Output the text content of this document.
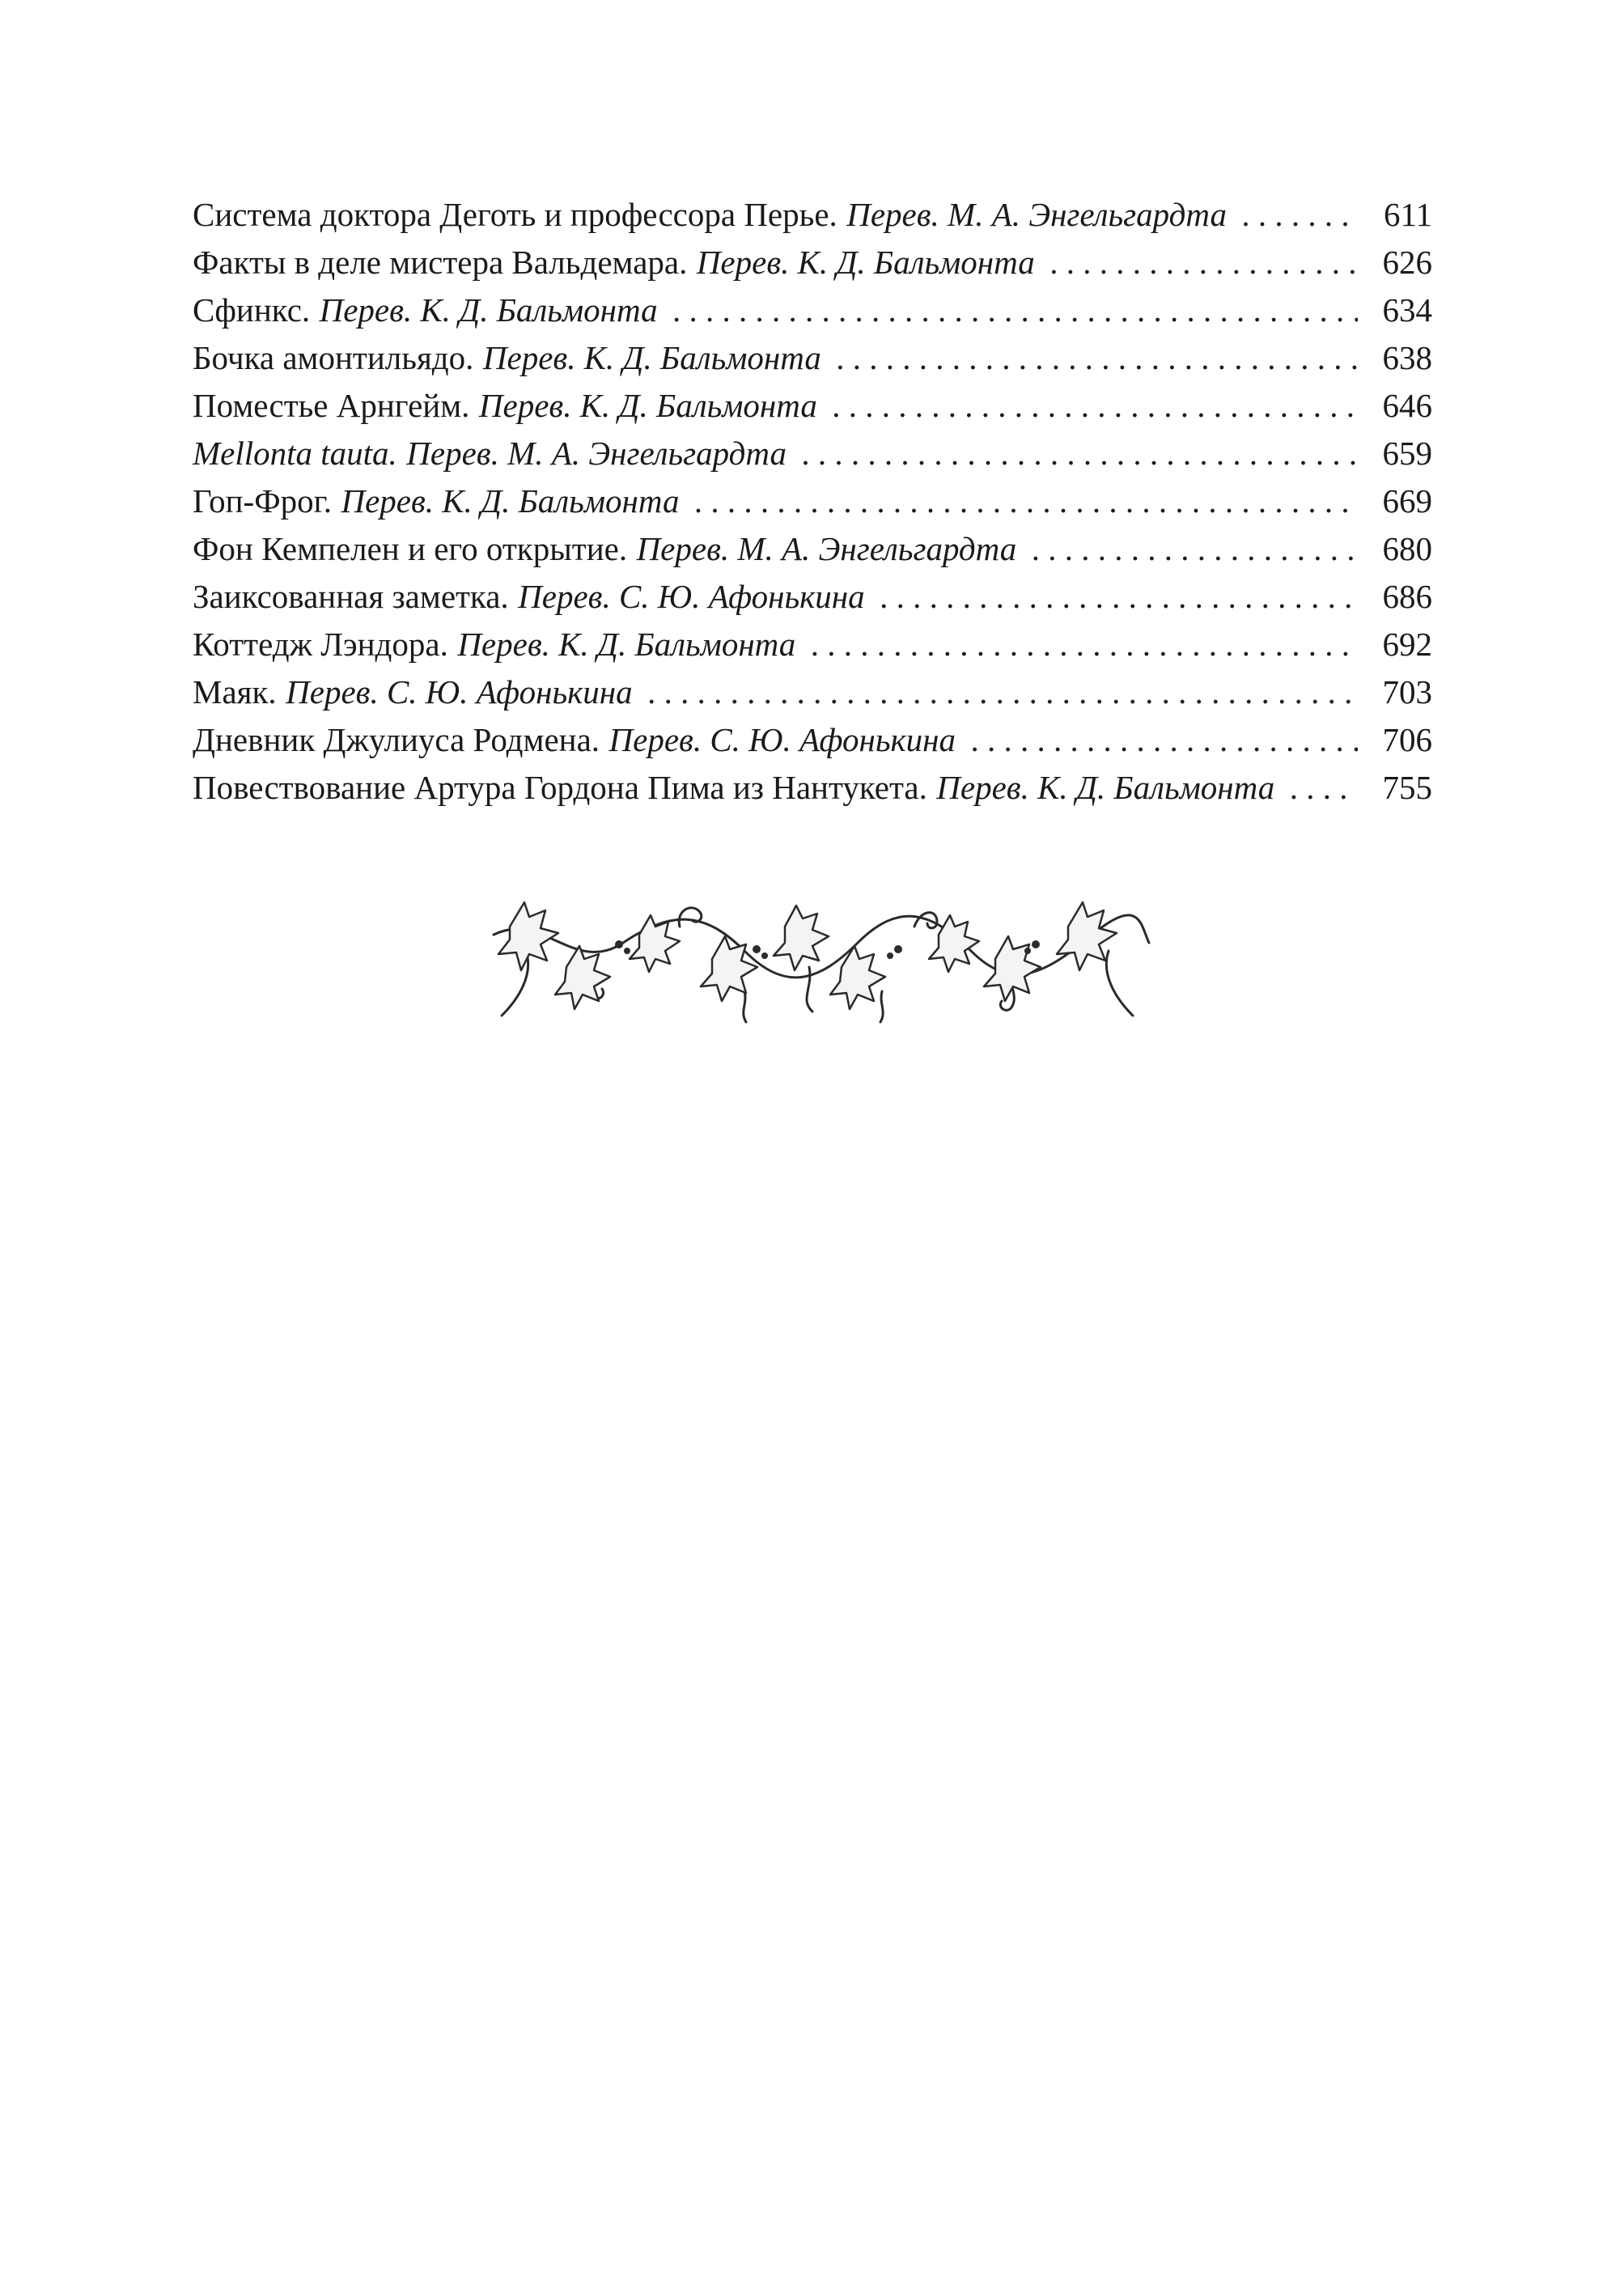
Система доктора Деготь и профессора Перье. Перев. М. А. Энгельгардта . . .	611
Факты в деле мистера Вальдемара. Перев. К. Д. Бальмонта . . .	626
Сфинкс. Перев. К. Д. Бальмонта . . .	634
Бочка амонтильядо. Перев. К. Д. Бальмонта . . .	638
Поместье Арнгейм. Перев. К. Д. Бальмонта . . .	646
Mellonta tauta. Перев. М. А. Энгельгардта . . .	659
Гоп-Фрог. Перев. К. Д. Бальмонта . . .	669
Фон Кемпелен и его открытие. Перев. М. А. Энгельгардта . . .	680
Заиксованная заметка. Перев. С. Ю. Афонькина . . .	686
Коттедж Лэндора. Перев. К. Д. Бальмонта . . .	692
Маяк. Перев. С. Ю. Афонькина . . .	703
Дневник Джулиуса Родмена. Перев. С. Ю. Афонькина . . .	706
Повествование Артура Гордона Пима из Нантукета. Перев. К. Д. Бальмонта . . .	755
